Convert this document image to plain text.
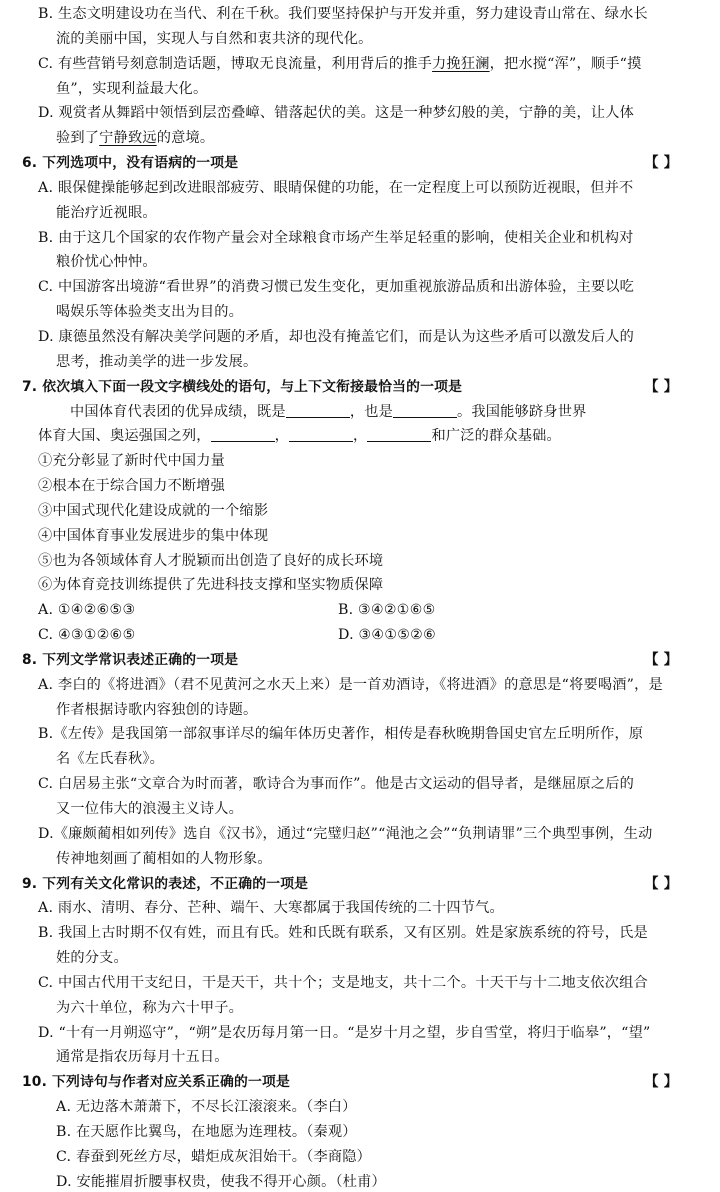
B. 生态文明建设功在当代、利在千秋。我们要坚持保护与开发并重，努力建设青山常在、绿水长
流的美丽中国，实现人与自然和衷共济的现代化。
C. 有些营销号刻意制造话题，博取无良流量，利用背后的推手力挽狂澜，把水搅“浑”，顺手“摸
鱼”，实现利益最大化。
D. 观赏者从舞蹈中领悟到层峦叠嶂、错落起伏的美。这是一种梦幻般的美，宁静的美，让人体
验到了宁静致远的意境。
6. 下列选项中，没有语病的一项是	【 】
A. 眼保健操能够起到改进眼部疲劳、眼睛保健的功能，在一定程度上可以预防近视眼，但并不
能治疗近视眼。
B. 由于这几个国家的农作物产量会对全球粮食市场产生举足轻重的影响，使相关企业和机构对
粮价忧心忡忡。
C. 中国游客出境游“看世界”的消费习惯已发生变化，更加重视旅游品质和出游体验，主要以吃
喝娱乐等体验类支出为目的。
D. 康德虽然没有解决美学问题的矛盾，却也没有掩盖它们，而是认为这些矛盾可以激发后人的
思考，推动美学的进一步发展。
7. 依次填入下面一段文字横线处的语句，与上下文衔接最恰当的一项是	【 】
中国体育代表团的优异成绩，既是	，也是	。我国能够跻身世界
体育大国、奥运强国之列，	，	，	和广泛的群众基础。
①充分彰显了新时代中国力量
②根本在于综合国力不断增强
③中国式现代化建设成就的一个缩影
④中国体育事业发展进步的集中体现
⑤也为各领域体育人才脱颖而出创造了良好的成长环境
⑥为体育竞技训练提供了先进科技支撑和坚实物质保障
A. ①④②⑥⑤③	B. ③④②①⑥⑤
C. ④③①②⑥⑤	D. ③④①⑤②⑥
8. 下列文学常识表述正确的一项是	【 】
A. 李白的《将进酒》（君不见黄河之水天上来）是一首劝酒诗，《将进酒》的意思是“将要喝酒”，是
作者根据诗歌内容独创的诗题。
B.《左传》是我国第一部叙事详尽的编年体历史著作，相传是春秋晚期鲁国史官左丘明所作，原
名《左氏春秋》。
C. 白居易主张“文章合为时而著，歌诗合为事而作”。他是古文运动的倡导者，是继屈原之后的
又一位伟大的浪漫主义诗人。
D.《廉颇蔺相如列传》选自《汉书》，通过“完璧归赵”“渑池之会”“负荆请罪”三个典型事例，生动
传神地刻画了蔺相如的人物形象。
9. 下列有关文化常识的表述，不正确的一项是	【 】
A. 雨水、清明、春分、芒种、端午、大寒都属于我国传统的二十四节气。
B. 我国上古时期不仅有姓，而且有氏。姓和氏既有联系，又有区别。姓是家族系统的符号，氏是
姓的分支。
C. 中国古代用干支纪日，干是天干，共十个；支是地支，共十二个。十天干与十二地支依次组合
为六十单位，称为六十甲子。
D. “十有一月朔巡守”，“朔”是农历每月第一日。“是岁十月之望，步自雪堂，将归于临皋”，“望”
通常是指农历每月十五日。
10. 下列诗句与作者对应关系正确的一项是	【 】
A. 无边落木萧萧下，不尽长江滚滚来。（李白）
B. 在天愿作比翼鸟，在地愿为连理枝。（秦观）
C. 春蚕到死丝方尽，蜡炬成灰泪始干。（李商隐）
D. 安能摧眉折腰事权贵，使我不得开心颜。（杜甫）
